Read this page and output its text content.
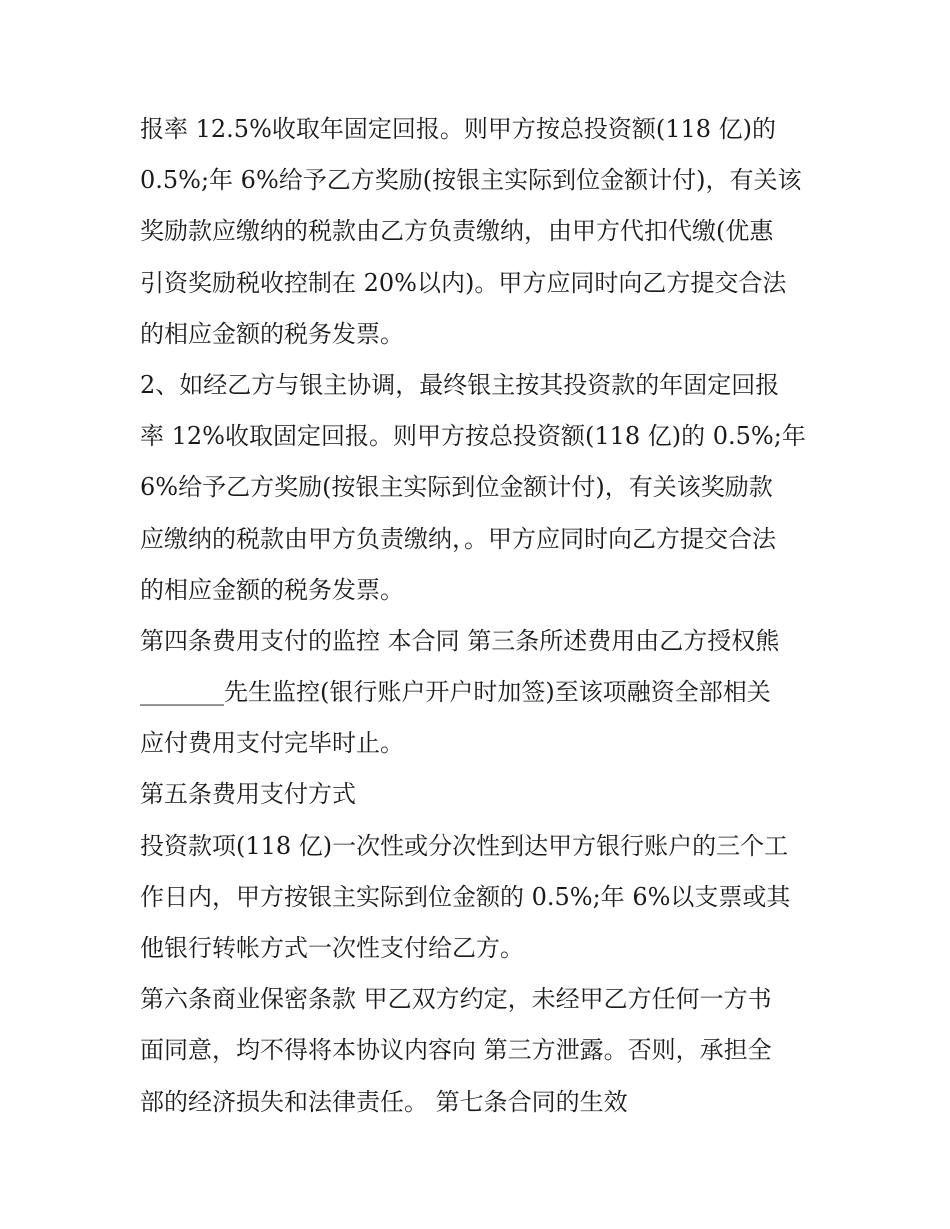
报率 12.5%收取年固定回报。则甲方按总投资额(118 亿)的
0.5%;年 6%给予乙方奖励(按银主实际到位金额计付)，有关该
奖励款应缴纳的税款由乙方负责缴纳，由甲方代扣代缴(优惠
引资奖励税收控制在 20%以内)。甲方应同时向乙方提交合法
的相应金额的税务发票。
2、如经乙方与银主协调，最终银主按其投资款的年固定回报
率 12%收取固定回报。则甲方按总投资额(118 亿)的 0.5%;年
6%给予乙方奖励(按银主实际到位金额计付)，有关该奖励款
应缴纳的税款由甲方负责缴纳，。甲方应同时向乙方提交合法
的相应金额的税务发票。
第四条费用支付的监控 本合同 第三条所述费用由乙方授权熊
_______先生监控(银行账户开户时加签)至该项融资全部相关
应付费用支付完毕时止。
第五条费用支付方式
投资款项(118 亿)一次性或分次性到达甲方银行账户的三个工
作日内，甲方按银主实际到位金额的 0.5%;年 6%以支票或其
他银行转帐方式一次性支付给乙方。
第六条商业保密条款 甲乙双方约定，未经甲乙方任何一方书
面同意，均不得将本协议内容向 第三方泄露。否则，承担全
部的经济损失和法律责任。 第七条合同的生效
